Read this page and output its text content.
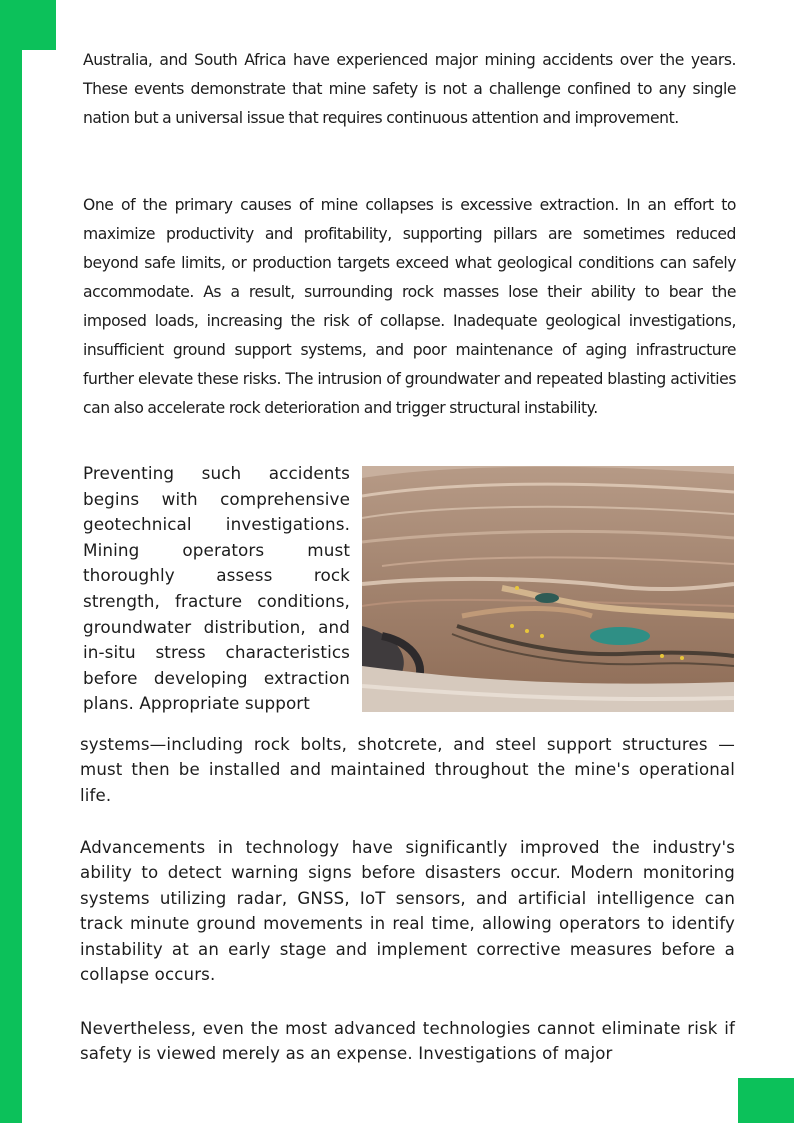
Australia, and South Africa have experienced major mining accidents over the years. These events demonstrate that mine safety is not a challenge confined to any single nation but a universal issue that requires continuous attention and improvement.

One of the primary causes of mine collapses is excessive extraction. In an effort to maximize productivity and profitability, supporting pillars are sometimes reduced beyond safe limits, or production targets exceed what geological conditions can safely accommodate. As a result, surrounding rock masses lose their ability to bear the imposed loads, increasing the risk of collapse. Inadequate geological investigations, insufficient ground support systems, and poor maintenance of aging infrastructure further elevate these risks. The intrusion of groundwater and repeated blasting activities can also accelerate rock deterioration and trigger structural instability.

Preventing such accidents begins with comprehensive geotechnical investigations. Mining operators must thoroughly assess rock strength, fracture conditions, groundwater distribution, and in-situ stress characteristics before developing extraction plans. Appropriate support

systems—including rock bolts, shotcrete, and steel support structures —must then be installed and maintained throughout the mine's operational life.

Advancements in technology have significantly improved the industry's ability to detect warning signs before disasters occur. Modern monitoring systems utilizing radar, GNSS, IoT sensors, and artificial intelligence can track minute ground movements in real time, allowing operators to identify instability at an early stage and implement corrective measures before a collapse occurs.

Nevertheless, even the most advanced technologies cannot eliminate risk if safety is viewed merely as an expense. Investigations of major
